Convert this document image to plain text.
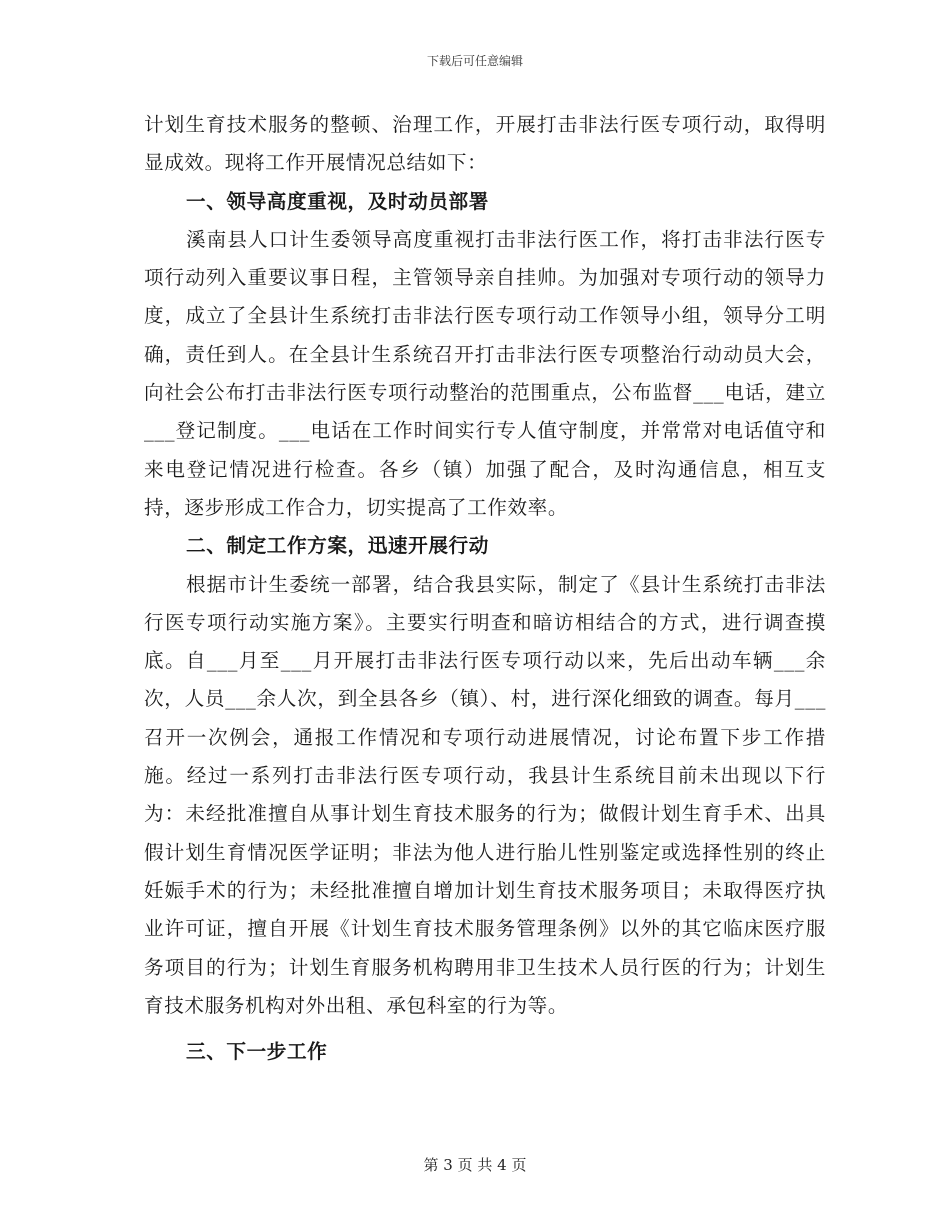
下载后可任意编辑

计划生育技术服务的整顿、治理工作，开展打击非法行医专项行动，取得明显成效。现将工作开展情况总结如下：

一、领导高度重视，及时动员部署

溪南县人口计生委领导高度重视打击非法行医工作，将打击非法行医专项行动列入重要议事日程，主管领导亲自挂帅。为加强对专项行动的领导力度，成立了全县计生系统打击非法行医专项行动工作领导小组，领导分工明确，责任到人。在全县计生系统召开打击非法行医专项整治行动动员大会，向社会公布打击非法行医专项行动整治的范围重点，公布监督___电话，建立___登记制度。___电话在工作时间实行专人值守制度，并常常对电话值守和来电登记情况进行检查。各乡（镇）加强了配合，及时沟通信息，相互支持，逐步形成工作合力，切实提高了工作效率。

二、制定工作方案，迅速开展行动

根据市计生委统一部署，结合我县实际，制定了《县计生系统打击非法行医专项行动实施方案》。主要实行明查和暗访相结合的方式，进行调查摸底。自___月至___月开展打击非法行医专项行动以来，先后出动车辆___余次，人员___余人次，到全县各乡（镇）、村，进行深化细致的调查。每月___召开一次例会，通报工作情况和专项行动进展情况，讨论布置下步工作措施。经过一系列打击非法行医专项行动，我县计生系统目前未出现以下行为：未经批准擅自从事计划生育技术服务的行为；做假计划生育手术、出具假计划生育情况医学证明；非法为他人进行胎儿性别鉴定或选择性别的终止妊娠手术的行为；未经批准擅自增加计划生育技术服务项目；未取得医疗执业许可证，擅自开展《计划生育技术服务管理条例》以外的其它临床医疗服务项目的行为；计划生育服务机构聘用非卫生技术人员行医的行为；计划生育技术服务机构对外出租、承包科室的行为等。

三、下一步工作

第 3 页 共 4 页
